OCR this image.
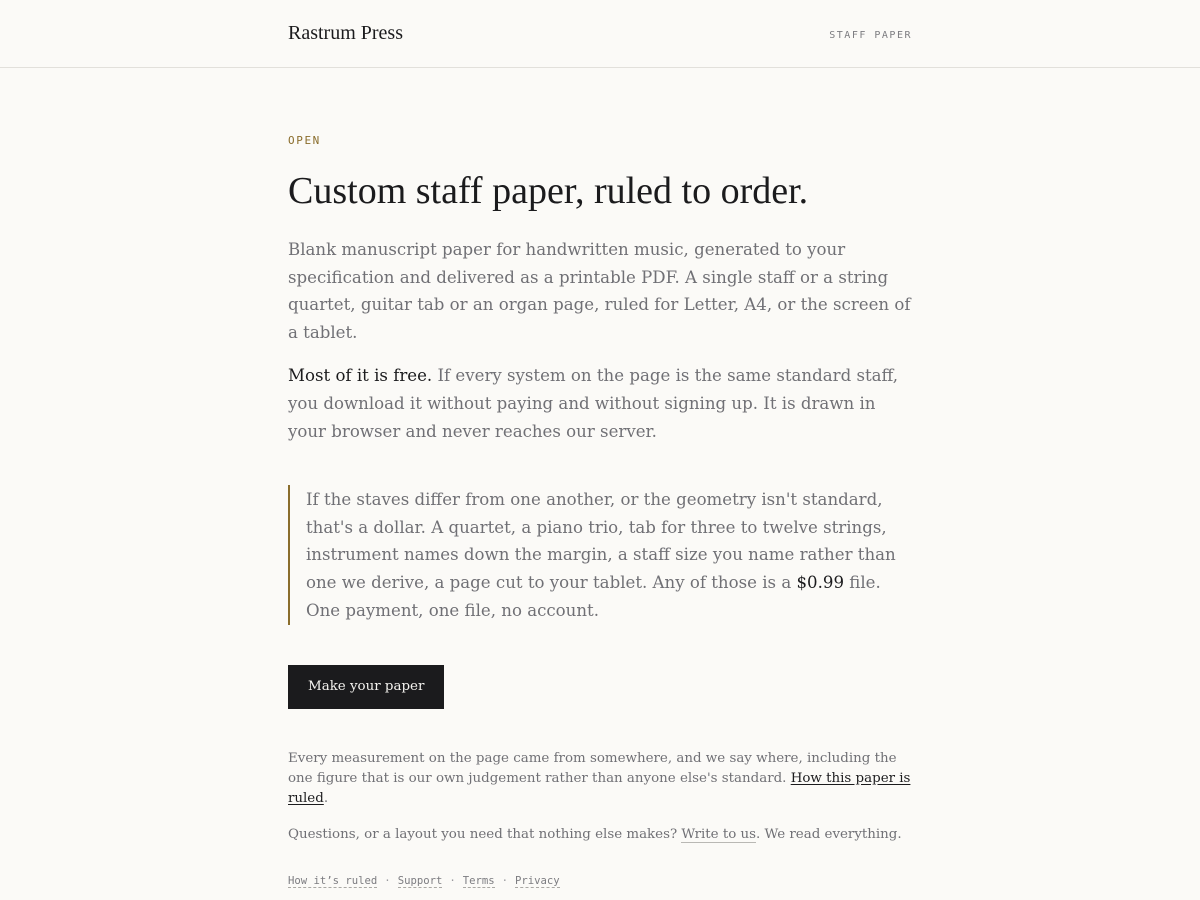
Rastrum Press	STAFF PAPER
OPEN
Custom staff paper, ruled to order.

Blank manuscript paper for handwritten music, generated to your specification and delivered as a printable PDF. A single staff or a string quartet, guitar tab or an organ page, ruled for Letter, A4, or the screen of a tablet.

Most of it is free. If every system on the page is the same standard staff, you download it without paying and without signing up. It is drawn in your browser and never reaches our server.

If the staves differ from one another, or the geometry isn't standard, that's a dollar. A quartet, a piano trio, tab for three to twelve strings, instrument names down the margin, a staff size you name rather than one we derive, a page cut to your tablet. Any of those is a $0.99 file. One payment, one file, no account.
Make your paper

Every measurement on the page came from somewhere, and we say where, including the one figure that is our own judgement rather than anyone else's standard. How this paper is ruled.

Questions, or a layout you need that nothing else makes? Write to us. We read everything.

How it’s ruled · Support · Terms · Privacy
